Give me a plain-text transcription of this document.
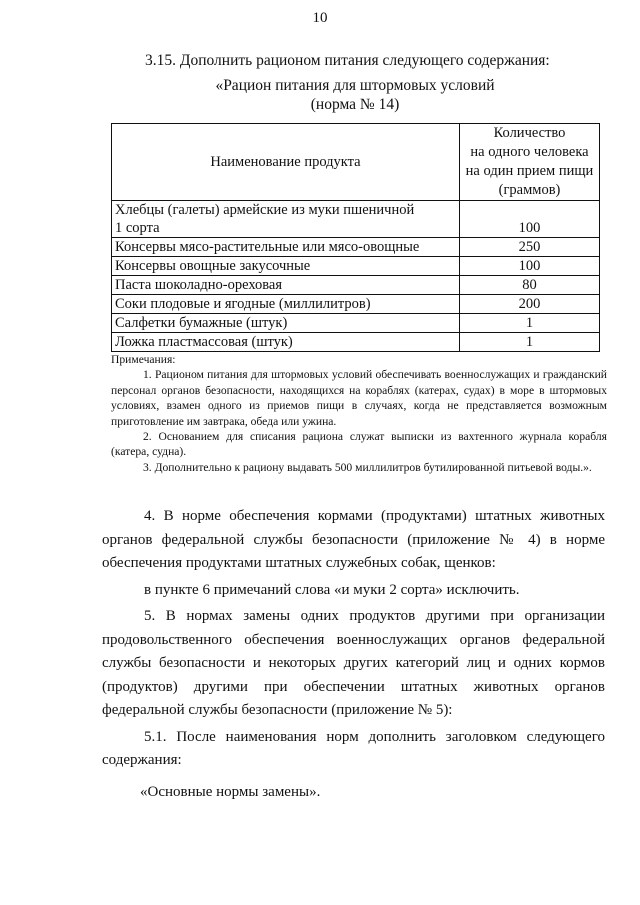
10
3.15. Дополнить рационом питания следующего содержания:
«Рацион питания для штормовых условий
(норма № 14)
Наименование продукта	Количество
на одного человека
на один прием пищи
(граммов)

Хлебцы (галеты) армейские из муки пшеничной
1 сорта	100
Консервы мясо-растительные или мясо-овощные	250
Консервы овощные закусочные	100
Паста шоколадно-ореховая	80
Соки плодовые и ягодные (миллилитров)	200
Салфетки бумажные (штук)	1
Ложка пластмассовая (штук)	1

Примечания:

1. Рационом питания для штормовых условий обеспечивать военнослужащих и гражданский персонал органов безопасности, находящихся на кораблях (катерах, судах) в море в штормовых условиях, взамен одного из приемов пищи в случаях, когда не представляется возможным приготовление им завтрака, обеда или ужина.

2. Основанием для списания рациона служат выписки из вахтенного журнала корабля (катера, судна).

3. Дополнительно к рациону выдавать 500 миллилитров бутилированной питьевой воды.».

4. В норме обеспечения кормами (продуктами) штатных животных органов федеральной службы безопасности (приложение № 4) в норме обеспечения продуктами штатных служебных собак, щенков:

в пункте 6 примечаний слова «и муки 2 сорта» исключить.

5. В нормах замены одних продуктов другими при организации продовольственного обеспечения военнослужащих органов федеральной службы безопасности и некоторых других категорий лиц и одних кормов (продуктов) другими при обеспечении штатных животных органов федеральной службы безопасности (приложение № 5):

5.1. После наименования норм дополнить заголовком следующего содержания:

«Основные нормы замены».
